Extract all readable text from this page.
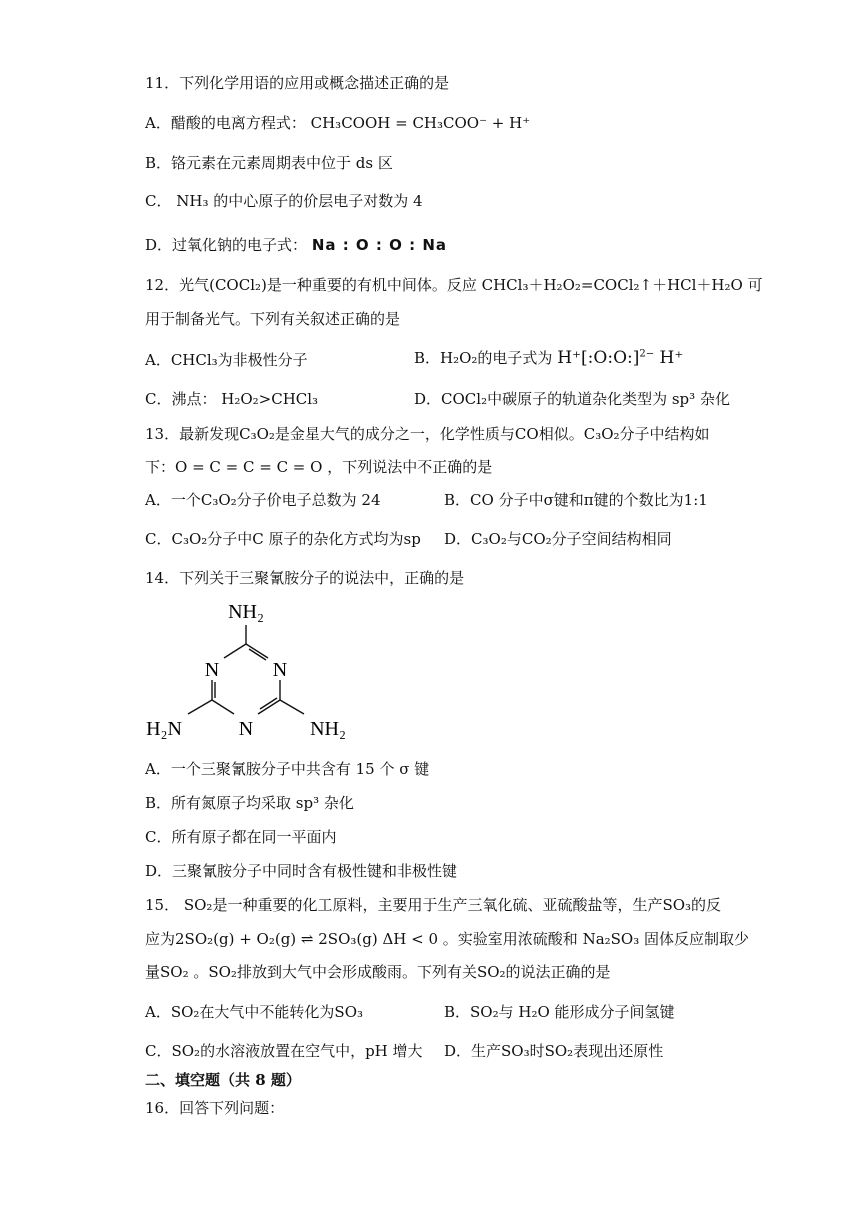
11．下列化学用语的应用或概念描述正确的是
A．醋酸的电离方程式： CH₃COOH = CH₃COO⁻ + H⁺
B．铬元素在元素周期表中位于 ds 区
C． NH₃ 的中心原子的价层电子对数为 4
D．过氧化钠的电子式： Na : O : O : Na
12．光气(COCl₂)是一种重要的有机中间体。反应 CHCl₃＋H₂O₂=COCl₂↑＋HCl＋H₂O 可
用于制备光气。下列有关叙述正确的是
A．CHCl₃为非极性分子	B．H₂O₂的电子式为 H⁺[:O:O:]$^{2-}$ H⁺
C．沸点： H₂O₂>CHCl₃	D．COCl₂中碳原子的轨道杂化类型为 sp³ 杂化
13．最新发现C₃O₂是金星大气的成分之一，化学性质与CO相似。C₃O₂分子中结构如
下：O = C = C = C = O ，下列说法中不正确的是
A．一个C₃O₂分子价电子总数为 24	B．CO 分子中σ键和π键的个数比为1:1
C．C₃O₂分子中C 原子的杂化方式均为sp D．C₃O₂与CO₂分子空间结构相同
14．下列关于三聚氰胺分子的说法中，正确的是
NH₂
N	N
N
H₂N	NH₂
A．一个三聚氰胺分子中共含有 15 个 σ 键
B．所有氮原子均采取 sp³ 杂化
C．所有原子都在同一平面内
D．三聚氰胺分子中同时含有极性键和非极性键
15． SO₂是一种重要的化工原料，主要用于生产三氧化硫、亚硫酸盐等，生产SO₃的反
应为2SO₂(g) + O₂(g) ⇌ 2SO₃(g) ΔH < 0 。实验室用浓硫酸和 Na₂SO₃ 固体反应制取少
量SO₂ 。SO₂排放到大气中会形成酸雨。下列有关SO₂的说法正确的是
A．SO₂在大气中不能转化为SO₃	B．SO₂与 H₂O 能形成分子间氢键
C．SO₂的水溶液放置在空气中，pH 增大 D．生产SO₃时SO₂表现出还原性
二、填空题（共 8 题）
16．回答下列问题：
